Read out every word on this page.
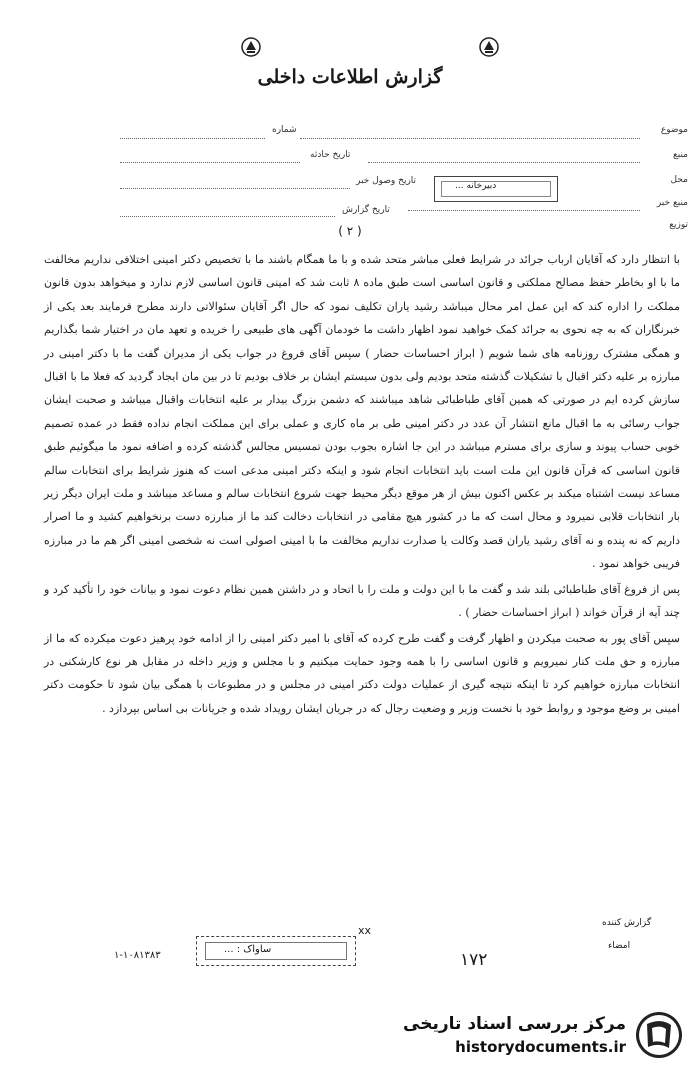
گزارش اطلاعات داخلی
موضوع
شماره
منبع
تاریخ حادثه
محل
دبیرخانه ...
تاریخ وصول خبر
منبع خبر
تاریخ گزارش
توزیع
( ۲ )

با انتظار دارد که آقایان ارباب جرائد در شرایط فعلی مباشر متحد شده و با ما همگام باشند ما با تخصیص دکتر امینی اختلافی نداریم مخالفت ما با او بخاطر حفظ مصالح مملکتی و قانون اساسی است طبق ماده ۸ ثابت شد که امینی قانون اساسی لازم ندارد و میخواهد بدون قانون مملکت را اداره کند که این عمل امر محال میباشد رشید یاران تکلیف نمود که حال اگر آقایان سئوالاتی دارند مطرح فرمایند بعد یکی از خبرنگاران که به چه نحوی به جرائد کمک خواهید نمود اظهار داشت ما خودمان آگهی های طبیعی را خریده و تعهد مان در اختیار شما بگذاریم و همگی مشترک روزنامه های شما شویم ( ابراز احساسات حضار ) سپس آقای فروغ در جواب یکی از مدیران گفت ما با دکتر امینی در مبارزه بر علیه دکتر اقبال با تشکیلات گذشته متحد بودیم ولی بدون سیستم ایشان بر خلاف بودیم تا در بین مان ایجاد گردید که فعلا ما با اقبال سازش کرده ایم در صورتی که همین آقای طباطبائی شاهد میباشند که دشمن بزرگ بیدار بر علیه انتخابات واقبال میباشد و صحبت ایشان جواب رسائی به ما اقبال مانع انتشار آن عدد در دکتر امینی طی بر ماه کاری و عملی برای این مملکت انجام نداده فقط در عمده تصمیم خوبی حساب پیوند و سازی برای مسترم میباشد در این جا اشاره بجوب بودن تمسیس مجالس گذشته کرده و اضافه نمود ما میگوئیم طبق قانون اساسی که قرآن قانون این ملت است باید انتخابات انجام شود و اینکه دکتر امینی مدعی است که هنوز شرایط برای انتخابات سالم مساعد نیست اشتباه میکند بر عکس اکنون بیش از هر موقع دیگر محیط جهت شروع انتخابات سالم و مساعد میباشد و ملت ایران دیگر زیر بار انتخابات قلابی نمیرود و محال است که ما در کشور هیچ مقامی در انتخابات دخالت کند ما از مبارزه دست برنخواهیم کشید و ما اصرار داریم که نه پنده و نه آقای رشید یاران قصد وکالت یا صدارت نداریم مخالفت ما با امینی اصولی است نه شخصی امینی اگر هم ما در مبارزه فریبی خواهد نمود .

پس از فروغ آقای طباطبائی بلند شد و گفت ما با این دولت و ملت را با اتحاد و در داشتن همین نظام دعوت نمود و بیانات خود را تأکید کرد و چند آیه از قرآن خواند ( ابراز احساسات حضار ) .

سپس آقای پور به صحبت میکردن و اظهار گرفت و گفت طرح کرده که آقای با امیر دکتر امینی را از ادامه خود پرهیز دعوت میکرده که ما از مبارزه و حق ملت کنار نمیرویم و قانون اساسی را با همه وجود حمایت میکنیم و با مجلس و وزیر داخله در مقابل هر نوع کارشکنی در انتخابات مبارزه خواهیم کرد تا اینکه نتیجه گیری از عملیات دولت دکتر امینی در مجلس و در مطبوعات با همگی بیان شود تا حکومت دکتر امینی بر وضع موجود و روابط خود با نخست وزیر و وضعیت رجال که در جریان ایشان رویداد شده و جریانات بی اساس بپردازد .

گزارش کننده
امضاء
ساواک : ...
xx
۱-۱۰۸۱۳۸۳	۱۷۲
مرکز بررسی اسناد تاریخی
historydocuments.ir
